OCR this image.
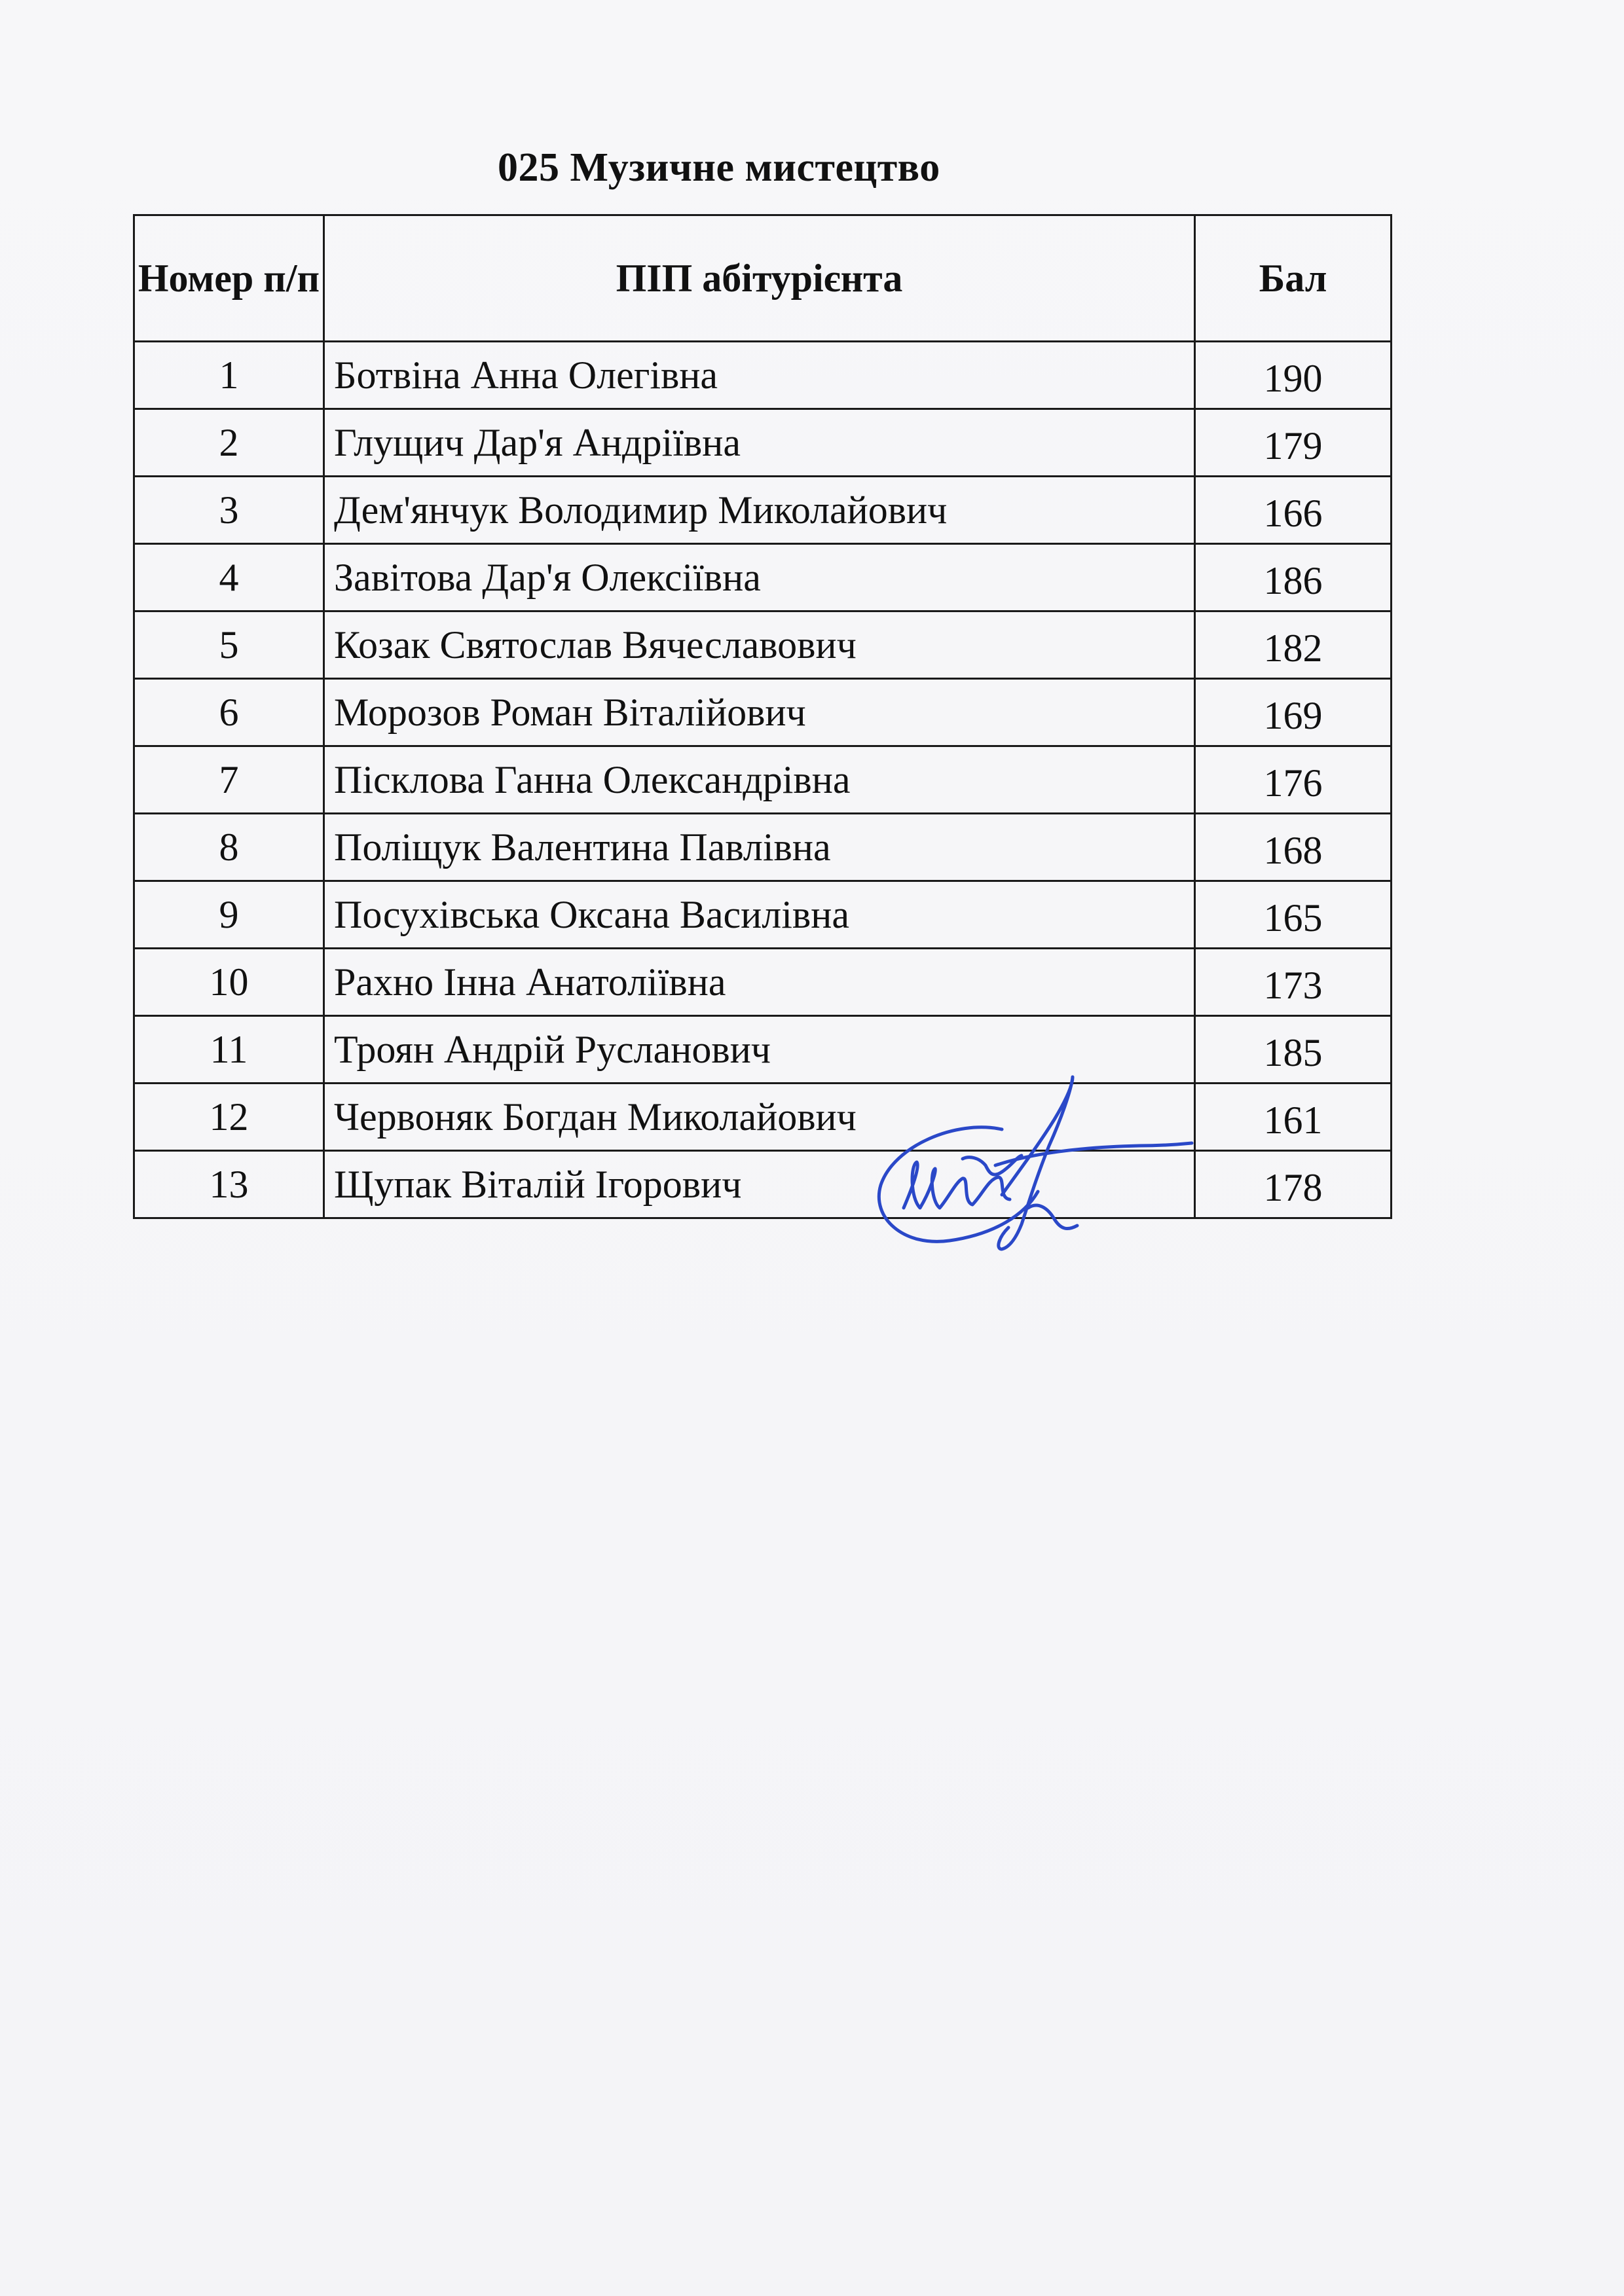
025 Музичне мистецтво
Номер п/п	ПІП абітурієнта	Бал
1	Ботвіна Анна Олегівна	190
2	Глущич Дар'я Андріївна	179
3	Дем'янчук Володимир Миколайович	166
4	Завітова Дар'я Олексіївна	186
5	Козак Святослав Вячеславович	182
6	Морозов Роман Віталійович	169
7	Пісклова Ганна Олександрівна	176
8	Поліщук Валентина Павлівна	168
9	Посухівська Оксана Василівна	165
10	Рахно Інна Анатоліївна	173
11	Троян Андрій Русланович	185
12	Червоняк Богдан Миколайович	161
13	Щупак Віталій Ігорович	178
